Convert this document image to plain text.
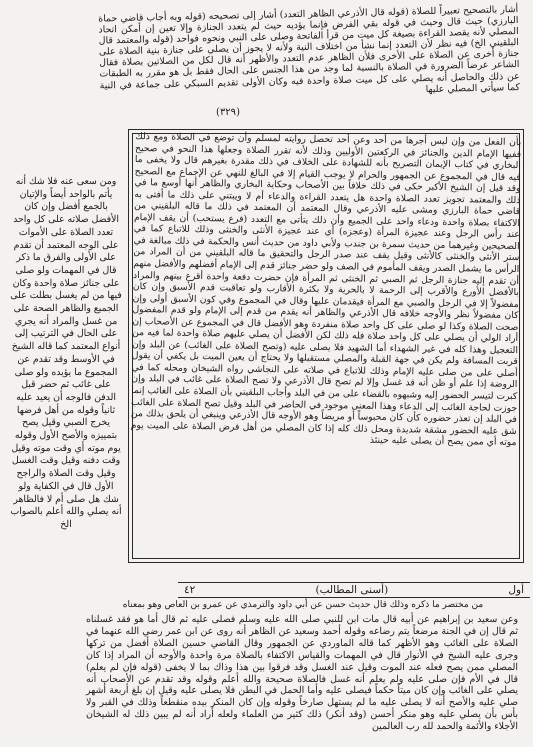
أشار بالتصحيح تعبيراً للصلاة (قوله قال الأذرعي الظاهر التعدد) أشار إلى تصحيحه (قوله وبه أجاب قاضي حماة البارزي) حيث قال وحيث في قوله بقي الفرض فإنما يؤديه حيث لم يتعدد الجنازة وإلا تعين إن أمكن اتحاد المصلي لأنه يقصد القراءة بصيغة كل ميت من قرأ الفاتحة وصلى على النبي ونحوه فواحد (قوله والمعتمد قال البلقيني الخ) فيه نظر لأن التعدد إنما نشأ من اختلاف النية ولأنه لا يجوز أن يصلي على جنازة بنية الصلاة على جنازة أخرى عن الصلاة على الأخرى فلأن الظاهر عدم التعدد والأظهر أنه قال لكل من الصلاتين بصلاة فقال الشاعر عرضاً الضرورة في الصلاة بالنسبة لما وجد من هذا الجنس على الحال فقط بل هو مقرر به الطبقات عن ذلك والحاصل أنه يصلي على كل ميت صلاة واحدة فيه وكان الأولى تقديم السبكي على جماعة في النية كما سيأتي المصلي عليها
(٣٢٩)

بأن الفعل من وإن ليس أجرها من أحد وعن أحد تحصل روايته لمسلم وأن توضع في الصلاة ومع ذلك ففيها الإمام الدين والجنائز في الركعتين الأوليين وذلك لأنه تقرر الصلاة وجعلها هذا النحو في صحيح البخاري في كتاب الإيمان التصريح بأنه للشهادة على الخلاف في ذلك مقدرة بغيرهم قال ولا يخفى ما فيه قال في المجموع عن الجمهور والحرام لا يوجب القيام إلا في البالغ للنهي عن الإجماع مع الصحيح وقد قيل إن الشيخ الأكبر حكى في ذلك خلافاً بين الأصحاب وحكاية البخاري والظاهر أنها أوسع ما في ذلك والمعتمد تجويز تعدد الصلاة واحدة هل يتعدد القراءة والدعاء أم لا ويبتني على ذلك ما أفتى به قاضي حماة البارزي ومشى عليه الأذرعي وقال المعتمد أن المعتمد في ذلك ما قاله البلقيني من الاكتفاء بصلاة واحدة ودعاء واحد على الجميع وأن ذلك يتأتى مع التعدد (فرع يستحب) أن يقف الإمام عند رأس الرجل وعند عجيزة المرأة (وعجزه) أي عند عجيزة الأنثى والخنثى وذلك للاتباع كما في الصحيحين وغيرهما من حديث سمرة بن جندب ولأبي داود من حديث أنس والحكمة في ذلك مبالغة في ستر الأنثى والخنثى كالأنثى وقيل يقف عند صدر الرجل والتحقيق ما قاله البلقيني من أن المراد من الرأس ما يشمل الصدر ويقف المأموم في الصف ولو حضر جنائز قدم إلى الإمام أفضلهم والأفضل منهم أن تقدم إليه جنازة الرجل ثم الصبي ثم الخنثى ثم المرأة فإن حضرت دفعة واحدة أقرع بينهم والمراد بالأفضل الأورع والأقرب إلى الرحمة لا بالحرية ولا بكثرة الأقارب ولو تعاقبت قدم الأسبق وإن كان مفضولاً إلا في الرجل والصبي مع المرأة فيقدمان عليها وقال في المجموع وفي كون الأسبق أولى وإن كان مفضولاً نظر والأوجه خلافه قال الأذرعي والظاهر أنه يقدم من قدم إلى الإمام ولو قدم المفضول صحت الصلاة وكذا لو صلى على كل واحد صلاة منفردة وهو الأفضل قال في المجموع عن الأصحاب إن أراد الولي أن يصلي على كل واحد صلاة فله ذلك لكن الأفضل أن يصلي عليهم صلاة واحدة لما فيه من التعجيل وهذا كله في غير الشهداء أما الشهيد فلا يصلى عليه (وتصح الصلاة على الغائب) عن البلد وإن قربت المسافة ولم يكن في جهة القبلة والمصلي مستقبلها ولا يحتاج أن يعين الميت بل يكفي أن يقول أصلي على من صلى عليه الإمام وذلك للاتباع في صلاته على النجاشي رواه الشيخان ومحله كما في الروضة إذا علم أو ظن أنه قد غسل وإلا لم تصح قال الأذرعي ولا تصح الصلاة على غائب في البلد وإن كبرت لتيسر الحضور إليه وشبهوه بالقضاء على من في البلد وأجاب البلقيني بأن الصلاة على الغائب إنما جوزت لحاجة الغائب إلى الدعاء وهذا المعنى موجود في الحاضر في البلد وقيل تصح الصلاة على الغائب في البلد إن تعذر حضوره كأن كان محبوساً أو مريضاً وهو الأوجه قال الأذرعي وينبغي أن يلحق بذلك من شق عليه الحضور مشقة شديدة ومحل ذلك كله إذا كان المصلي من أهل فرض الصلاة على الميت يوم موته أي ممن يصح أن يصلى عليه حينئذ

ومن سعى عنه فلا شك أنه يأتم بالواحد أيضاً والإتيان بالجمع أفضل وإن كان الأفضل صلاته على كل واحد تعدد الصلاة على الأموات على الوجه المعتمد أن تقدم على الأولى والفرق ما ذكر قال في المهمات ولو صلى على جنائز صلاة واحدة وكان فيها من لم يغسل بطلت على الجميع والظاهر الصحة على من غسل والمراد أنه يجري على الحال في الترتيب إلى أنواع المعتمد كما قاله الشيخ في الأوسط وقد تقدم عن المجموع ما يؤيده ولو صلى على غائب ثم حضر قبل الدفن فالوجه أن يعيد عليه ثانياً وقوله من أهل فرضها يخرج الصبي وقيل يصح بتمييزه والأصح الأول وقوله يوم موته أي وقت موته وقيل وقت دفنه وقيل وقت الغسل وقيل وقت الصلاة والراجح الأول قال في الكفاية ولو شك هل صلى أم لا فالظاهر أنه يصلي والله أعلم بالصواب الخ

أول
(أسنى المطالب)
٤٢
من مختصر ما ذكره وذلك قال حديث حسن عن أبي داود والترمذي عن عمرو بن العاص وهو بمعناه

وعن سعيد بن إبراهيم عن أبيه قال مات ابن للنبي صلى الله عليه وسلم فصلى عليه ثم قال أما هو فقد غسلناه ثم قال إن في الجنة مرضعاً يتم رضاعه وقوله أحمد وسعيد عن الظاهر أنه روى عن ابن عمر رضي الله عنهما في الصلاة على الغائب وهو الأظهر كما قاله الماوردي عن الجمهور وقال القاضي حسين الصلاة أفضل من تركها وجرى عليه الشيخ في الأنوار قال في المهمات والقياس الاكتفاء بالصلاة مرة واحدة والأوجه أن المراد إذا كان المصلي ممن يصح فعله عند الموت وقيل عند الغسل وقد فرقوا بين هذا وذاك بما لا يخفى (قوله فإن لم يعلم) قال في الأم فإن صلى عليه ولم يعلم أنه غسل فالصلاة صحيحة والله أعلم وقوله وقد تقدم عن الأصحاب أنه يصلي على الغائب وإن كان ميتاً حكماً فيصلى عليه وأما الحمل في البطن فلا يصلى عليه وقيل إن بلغ أربعة أشهر صلي عليه والأصح أنه لا يصلى عليه ما لم يستهل صارخاً وقوله وإن كان المنكر بيده منقطعاً وذلك في القبر ولا بأس بأن يصلي عليه وهو منكر أحسن (وقد أنكر) ذلك كثير من العلماء ولعله أراد أنه لم يبين ذلك له الشيخان الأجلاء والأئمة والحمد لله رب العالمين
